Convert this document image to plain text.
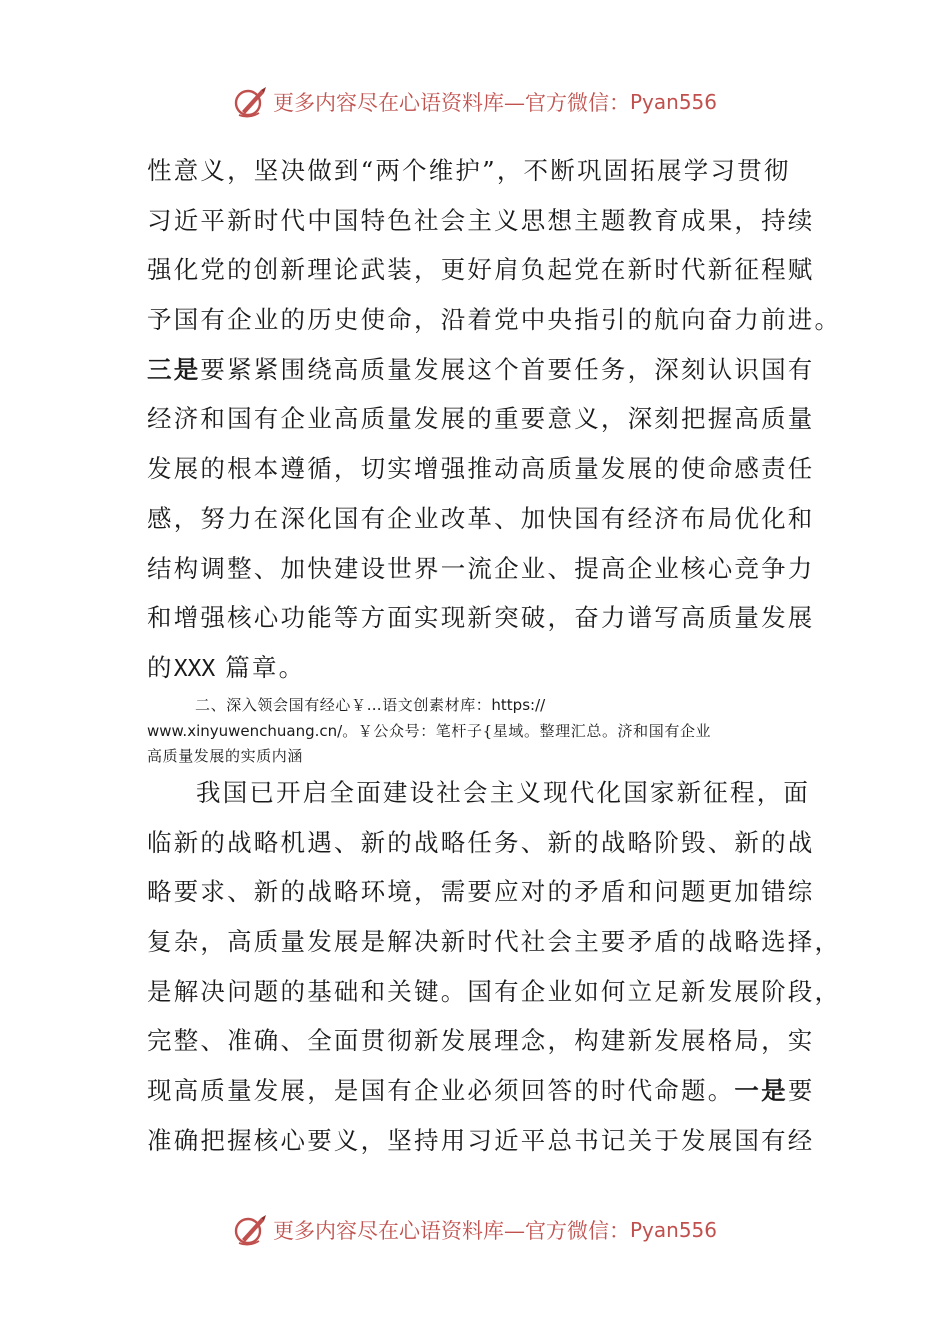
更多内容尽在心语资料库—官方微信： Pyan556
性意义，坚决做到“两个维护”，不断巩固拓展学习贯彻
习近平新时代中国特色社会主义思想主题教育成果，持续
强化党的创新理论武装，更好肩负起党在新时代新征程赋
予国有企业的历史使命，沿着党中央指引的航向奋力前进。
三是要紧紧围绕高质量发展这个首要任务，深刻认识国有
经济和国有企业高质量发展的重要意义，深刻把握高质量
发展的根本遵循，切实增强推动高质量发展的使命感责任
感，努力在深化国有企业改革、加快国有经济布局优化和
结构调整、加快建设世界一流企业、提高企业核心竞争力
和增强核心功能等方面实现新突破，奋力谱写高质量发展
的XXX 篇章。
二、深入领会国有经心￥…语文创素材库：https://
www.xinyuwenchuang.cn/。￥公众号：笔杆子{星域。整理汇总。济和国有企业
高质量发展的实质内涵
我国已开启全面建设社会主义现代化国家新征程，面
临新的战略机遇、新的战略任务、新的战略阶毁、新的战
略要求、新的战略环境，需要应对的矛盾和问题更加错综
复杂，高质量发展是解决新时代社会主要矛盾的战略选择，
是解决问题的基础和关键。国有企业如何立足新发展阶段，
完整、准确、全面贯彻新发展理念，构建新发展格局，实
现高质量发展，是国有企业必须回答的时代命题。一是要
准确把握核心要义，坚持用习近平总书记关于发展国有经
更多内容尽在心语资料库—官方微信： Pyan556
